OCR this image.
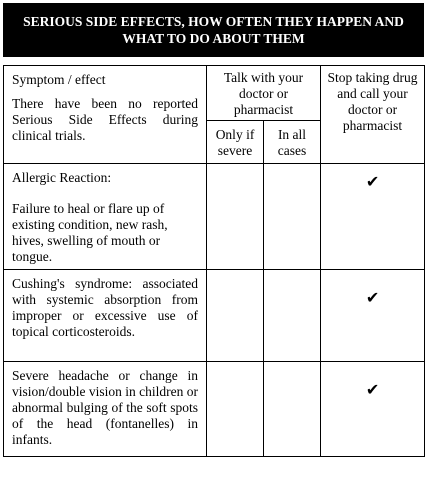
SERIOUS SIDE EFFECTS, HOW OFTEN THEY HAPPEN AND
WHAT TO DO ABOUT THEM
Symptom / effect
There have been no reported Serious Side Effects during clinical trials.	Talk with your doctor or pharmacist		Stop taking drug and call your doctor or pharmacist
	Only if severe	In all cases	
Allergic Reaction:
Failure to heal or flare up of existing condition, new rash, hives, swelling of mouth or tongue.			✔
Cushing's syndrome: associated with systemic absorption from improper or excessive use of topical corticosteroids.			✔
Severe headache or change in vision/double vision in children or abnormal bulging of the soft spots of the head (fontanelles) in infants.			✔
